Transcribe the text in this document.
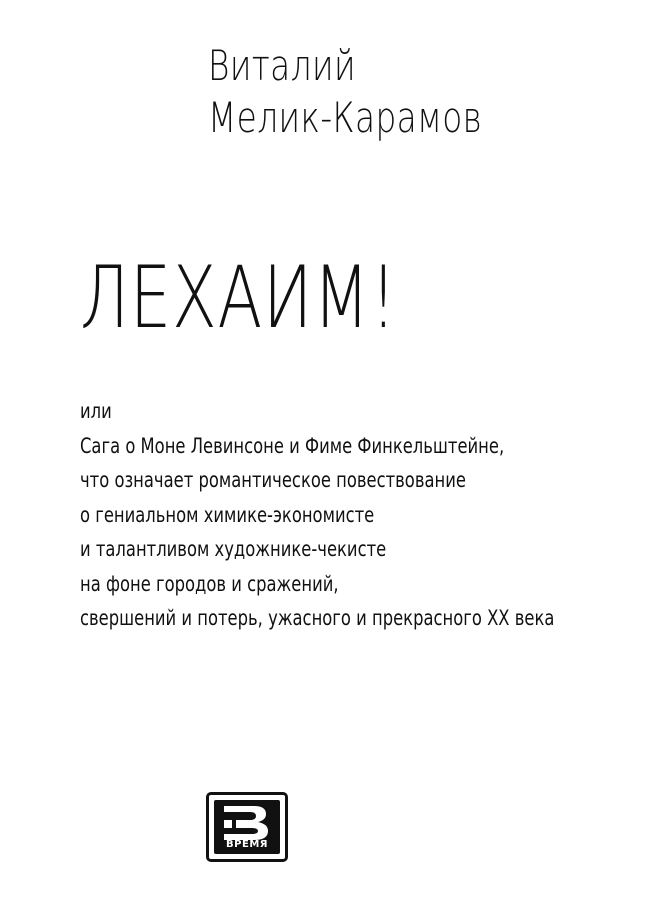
Виталий
Мелик-Карамов
ЛЕХАИМ!
или
Сага о Моне Левинсоне и Фиме Финкельштейне,
что означает романтическое повествование
о гениальном химике-экономисте
и талантливом художнике-чекисте
на фоне городов и сражений,
свершений и потерь, ужасного и прекрасного ХХ века
ВРЕМЯ
